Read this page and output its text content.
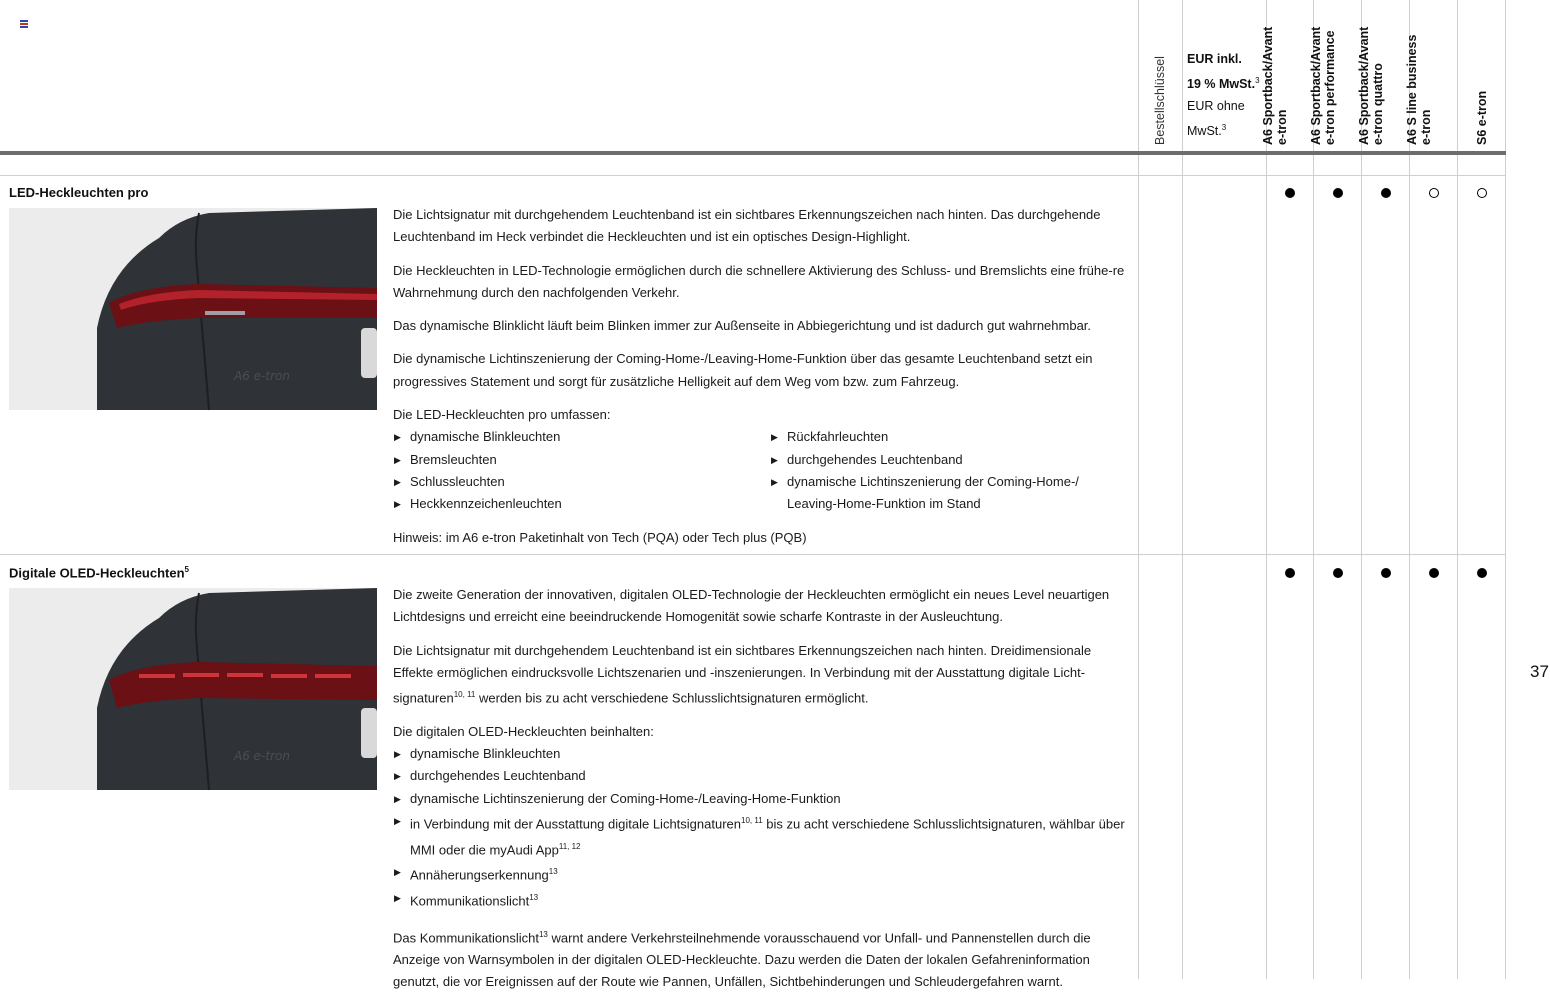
Bestellschlüssel EUR inkl.
19 % MwSt.$^3$
EUR ohne
MwSt.$^3$	A6 Sportback/Avant e-tron A6 Sportback/Avant e-tron performance A6 Sportback/Avant e-tron quattro A6 S line business e-tron	S6 e-tron
LED-Heckleuchten pro
A6 e-tron

Die Lichtsignatur mit durchgehendem Leuchtenband ist ein sichtbares Erkennungszeichen nach hinten. Das durchgehende Leuchtenband im Heck verbindet die Heckleuchten und ist ein optisches Design-Highlight.

Die Heckleuchten in LED-Technologie ermöglichen durch die schnellere Aktivierung des Schluss- und Bremslichts eine frühe-re Wahrnehmung durch den nachfolgenden Verkehr.

Das dynamische Blinklicht läuft beim Blinken immer zur Außenseite in Abbiegerichtung und ist dadurch gut wahrnehmbar.

Die dynamische Lichtinszenierung der Coming-Home-/Leaving-Home-Funktion über das gesamte Leuchtenband setzt ein progressives Statement und sorgt für zusätzliche Helligkeit auf dem Weg vom bzw. zum Fahrzeug.

Die LED-Heckleuchten pro umfassen:
▶ dynamische Blinkleuchten
▶ Bremsleuchten
▶ Schlussleuchten
▶ Heckkennzeichenleuchten
▶ Rückfahrleuchten
▶ durchgehendes Leuchtenband
▶ dynamische Lichtinszenierung der Coming-Home-/ Leaving-Home-Funktion im Stand
Hinweis: im A6 e-tron Paketinhalt von Tech (PQA) oder Tech plus (PQB)
Digitale OLED-Heckleuchten$^5$
A6 e-tron

Die zweite Generation der innovativen, digitalen OLED-Technologie der Heckleuchten ermöglicht ein neues Level neuartigen Lichtdesigns und erreicht eine beeindruckende Homogenität sowie scharfe Kontraste in der Ausleuchtung.

Die Lichtsignatur mit durchgehendem Leuchtenband ist ein sichtbares Erkennungszeichen nach hinten. Dreidimensionale Effekte ermöglichen eindrucksvolle Lichtszenarien und -inszenierungen. In Verbindung mit der Ausstattung digitale Licht-signaturen$^{10, 11}$ werden bis zu acht verschiedene Schlusslichtsignaturen ermöglicht.

Die digitalen OLED-Heckleuchten beinhalten:
▶ dynamische Blinkleuchten
▶ durchgehendes Leuchtenband
▶ dynamische Lichtinszenierung der Coming-Home-/Leaving-Home-Funktion
▶ in Verbindung mit der Ausstattung digitale Lichtsignaturen$^{10, 11}$ bis zu acht verschiedene Schlusslichtsignaturen, wählbar über MMI oder die myAudi App$^{11, 12}$
▶ Annäherungserkennung$^{13}$
▶ Kommunikationslicht$^{13}$

Das Kommunikationslicht$^{13}$ warnt andere Verkehrsteilnehmende vorausschauend vor Unfall- und Pannenstellen durch die Anzeige von Warnsymbolen in der digitalen OLED-Heckleuchte. Dazu werden die Daten der lokalen Gefahreninformation genutzt, die vor Ereignissen auf der Route wie Pannen, Unfällen, Sichtbehinderungen und Schleudergefahren warnt.

37
